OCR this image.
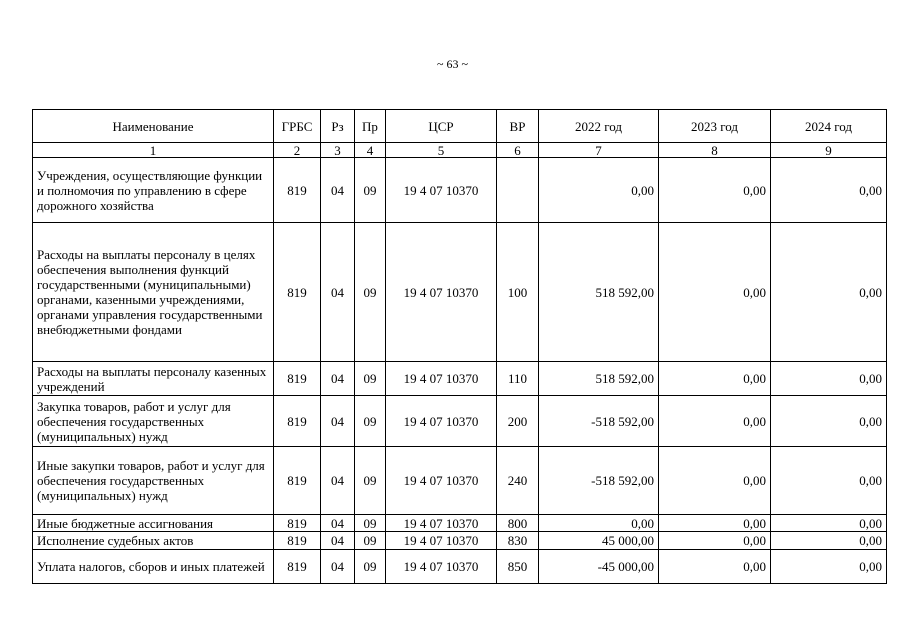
~ 63 ~
Наименование	ГРБС	Рз	Пр	ЦСР	ВР	2022 год	2023 год	2024 год
1	2	3	4	5	6	7	8	9
Учреждения, осуществляющие функции и полномочия по управлению в сфере дорожного хозяйства	819	04	09	19 4 07 10370		0,00	0,00	0,00
Расходы на выплаты персоналу в целях обеспечения выполнения функций государственными (муниципальными) органами, казенными учреждениями, органами управления государственными внебюджетными фондами	819	04	09	19 4 07 10370	100	518 592,00	0,00	0,00
Расходы на выплаты персоналу казенных учреждений	819	04	09	19 4 07 10370	110	518 592,00	0,00	0,00
Закупка товаров, работ и услуг для обеспечения государственных (муниципальных) нужд	819	04	09	19 4 07 10370	200	-518 592,00	0,00	0,00
Иные закупки товаров, работ и услуг для обеспечения государственных (муниципальных) нужд	819	04	09	19 4 07 10370	240	-518 592,00	0,00	0,00
Иные бюджетные ассигнования	819	04	09	19 4 07 10370	800	0,00	0,00	0,00
Исполнение судебных актов	819	04	09	19 4 07 10370	830	45 000,00	0,00	0,00
Уплата налогов, сборов и иных платежей	819	04	09	19 4 07 10370	850	-45 000,00	0,00	0,00
